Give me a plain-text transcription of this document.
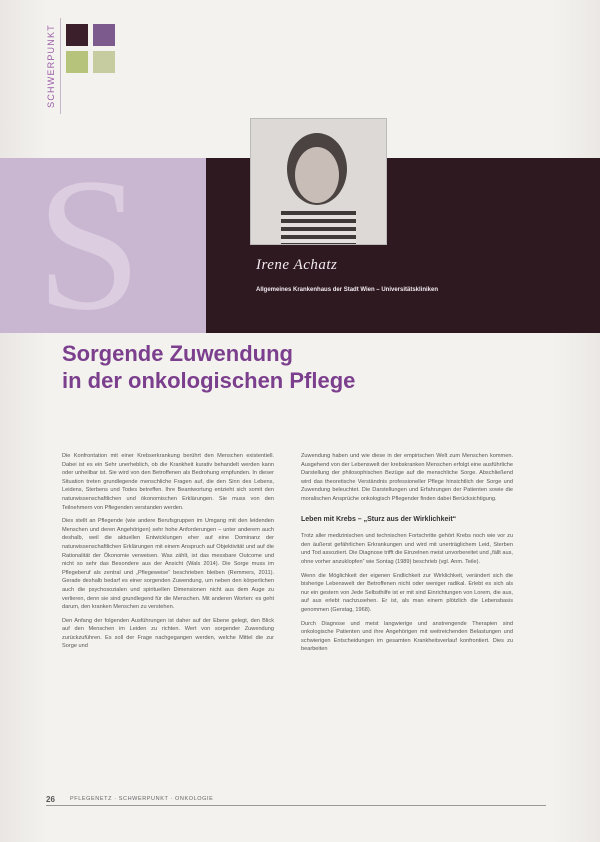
SCHWERPUNKT
S	Irene Achatz
Allgemeines Krankenhaus der Stadt Wien – Universitätskliniken
Sorgende Zuwendung
in der onkologischen Pflege

Die Konfrontation mit einer Krebserkrankung berührt den Menschen existentiell. Dabei ist es ein Sehr unerheblich, ob die Krankheit kurativ behandelt werden kann oder unheilbar ist. Sie wird von den Betroffenen als Bedrohung empfunden. In dieser Situation treten grundlegende menschliche Fragen auf, die den Sinn des Lebens, Leidens, Sterbens und Todes betreffen. Ihre Beantwortung entzieht sich somit den naturwissenschaftlichen und ökonomischen Erklärungen. Sie muss von den Teilnehmern von Pflegenden verstanden werden.

Dies stellt an Pflegende (wie andere Berufsgruppen im Umgang mit den leidenden Menschen und deren Angehörigen) sehr hohe Anforderungen – unter anderem auch deshalb, weil die aktuellen Entwicklungen eher auf eine Dominanz der naturwissenschaftlichen Erklärungen mit einem Anspruch auf Objektivität und auf die Rationalität der Ökonomie verweisen. Was zählt, ist das messbare Outcome und nicht so sehr das Besondere aus der Ansicht (Wals 2014). Die Sorge muss im Pflegeberuf als zentral und „Pflegeweise“ beschrieben bleiben (Remmers, 2011). Gerade deshalb bedarf es einer sorgenden Zuwendung, um neben den körperlichen auch die psychosozialen und spirituellen Dimensionen nicht aus dem Auge zu verlieren, denn sie sind grundlegend für die Menschen. Mit anderen Worten: es geht darum, den kranken Menschen zu verstehen.

Den Anfang der folgenden Ausführungen ist daher auf der Ebene gelegt, den Blick auf den Menschen im Leiden zu richten. Wert von sorgender Zuwendung zurückzuführen. Es soll der Frage nachgegangen werden, welche Mittel die zur Sorge und

Zuwendung haben und wie diese in der empirischen Welt zum Menschen kommen. Ausgehend von der Lebenswelt der krebskranken Menschen erfolgt eine ausführliche Darstellung der philosophischen Bezüge auf die menschliche Sorge. Abschließend wird das theoretische Verständnis professioneller Pflege hinsichtlich der Sorge und Zuwendung beleuchtet. Die Darstellungen und Erfahrungen der Patienten sowie die moralischen Ansprüche onkologisch Pflegender finden dabei Berücksichtigung.

Leben mit Krebs – „Sturz aus der Wirklichkeit“

Trotz aller medizinischen und technischen Fortschritte gehört Krebs noch wie vor zu den äußerst gefährlichen Erkrankungen und wird mit unerträglichem Leid, Sterben und Tod assoziiert. Die Diagnose trifft die Einzelnen meist unvorbereitet und „fällt aus, ohne vorher anzuklopfen“ wie Sontag (1989) beschrieb (vgl. Anm. Teile).

Wenn die Möglichkeit der eigenen Endlichkeit zur Wirklichkeit, verändert sich die bisherige Lebenswelt der Betroffenen nicht oder weniger radikal. Erlebt es sich als nur ein gestern von Jede Selbsthilfe ist er mit sind Einrichtungen von Lorem, die aus, auf aus erlebt nachzusehen. Er ist, als man einem plötzlich die Lebensbasis genommen (Gerstag, 1968).

Durch Diagnose und meist langwierige und anstrengende Therapien sind onkologische Patienten und ihre Angehörigen mit weitreichenden Belastungen und schwierigen Entscheidungen im gesamten Krankheitsverlauf konfrontiert. Dies zu bearbeiten

26	PFLEGENETZ · SCHWERPUNKT · ONKOLOGIE
